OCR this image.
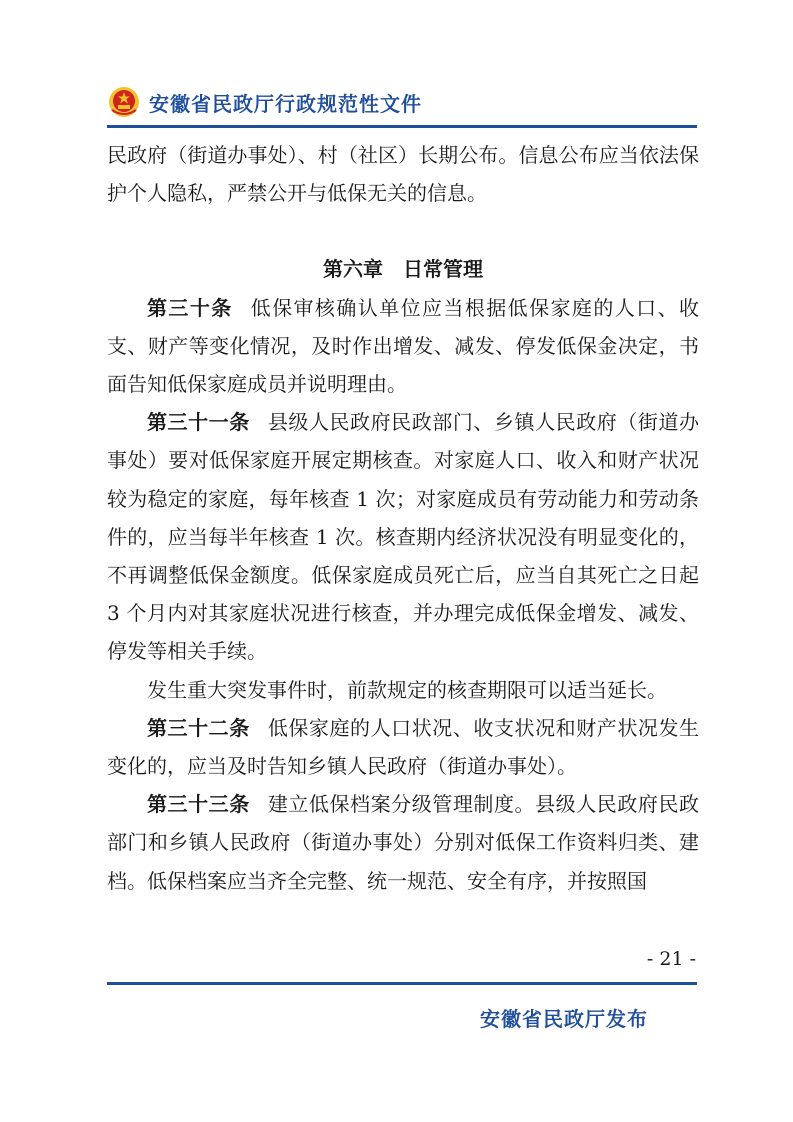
安徽省民政厅行政规范性文件

民政府（街道办事处）、村（社区）长期公布。信息公布应当依法保护个人隐私，严禁公开与低保无关的信息。

第六章　日常管理

第三十条 低保审核确认单位应当根据低保家庭的人口、收支、财产等变化情况，及时作出增发、减发、停发低保金决定，书面告知低保家庭成员并说明理由。

第三十一条 县级人民政府民政部门、乡镇人民政府（街道办事处）要对低保家庭开展定期核查。对家庭人口、收入和财产状况较为稳定的家庭，每年核查 1 次；对家庭成员有劳动能力和劳动条件的，应当每半年核查 1 次。核查期内经济状况没有明显变化的，不再调整低保金额度。低保家庭成员死亡后，应当自其死亡之日起 3 个月内对其家庭状况进行核查，并办理完成低保金增发、减发、停发等相关手续。

发生重大突发事件时，前款规定的核查期限可以适当延长。

第三十二条 低保家庭的人口状况、收支状况和财产状况发生变化的，应当及时告知乡镇人民政府（街道办事处）。

第三十三条 建立低保档案分级管理制度。县级人民政府民政部门和乡镇人民政府（街道办事处）分别对低保工作资料归类、建档。低保档案应当齐全完整、统一规范、安全有序，并按照国

- 21 -
安徽省民政厅发布
